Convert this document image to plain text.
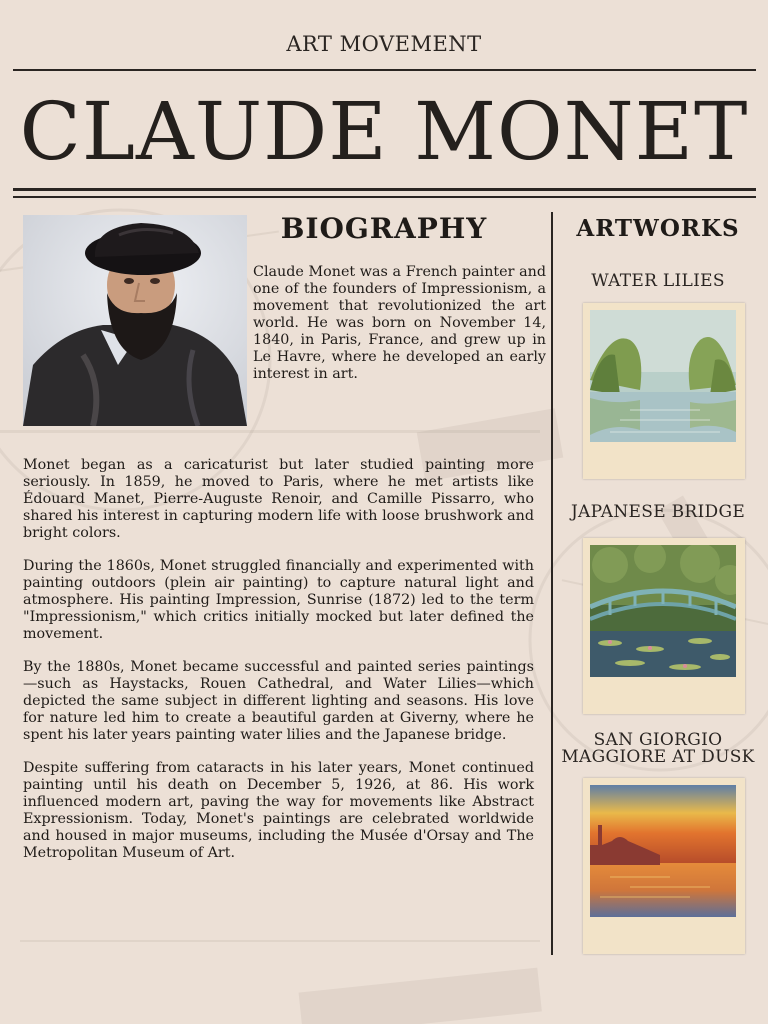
ART MOVEMENT
CLAUDE MONET
BIOGRAPHY

Claude Monet was a French painter and one of the founders of Impressionism, a movement that revolutionized the art world. He was born on November 14, 1840, in Paris, France, and grew up in Le Havre, where he developed an early interest in art.

Monet began as a caricaturist but later studied painting more seriously. In 1859, he moved to Paris, where he met artists like Édouard Manet, Pierre-Auguste Renoir, and Camille Pissarro, who shared his interest in capturing modern life with loose brushwork and bright colors.

During the 1860s, Monet struggled financially and experimented with painting outdoors (plein air painting) to capture natural light and atmosphere. His painting Impression, Sunrise (1872) led to the term "Impressionism," which critics initially mocked but later defined the movement.

By the 1880s, Monet became successful and painted series paintings—such as Haystacks, Rouen Cathedral, and Water Lilies—which depicted the same subject in different lighting and seasons. His love for nature led him to create a beautiful garden at Giverny, where he spent his later years painting water lilies and the Japanese bridge.

Despite suffering from cataracts in his later years, Monet continued painting until his death on December 5, 1926, at 86. His work influenced modern art, paving the way for movements like Abstract Expressionism. Today, Monet's paintings are celebrated worldwide and housed in major museums, including the Musée d'Orsay and The Metropolitan Museum of Art.

ARTWORKS
WATER LILIES
JAPANESE BRIDGE
SAN GIORGIO
MAGGIORE AT DUSK
